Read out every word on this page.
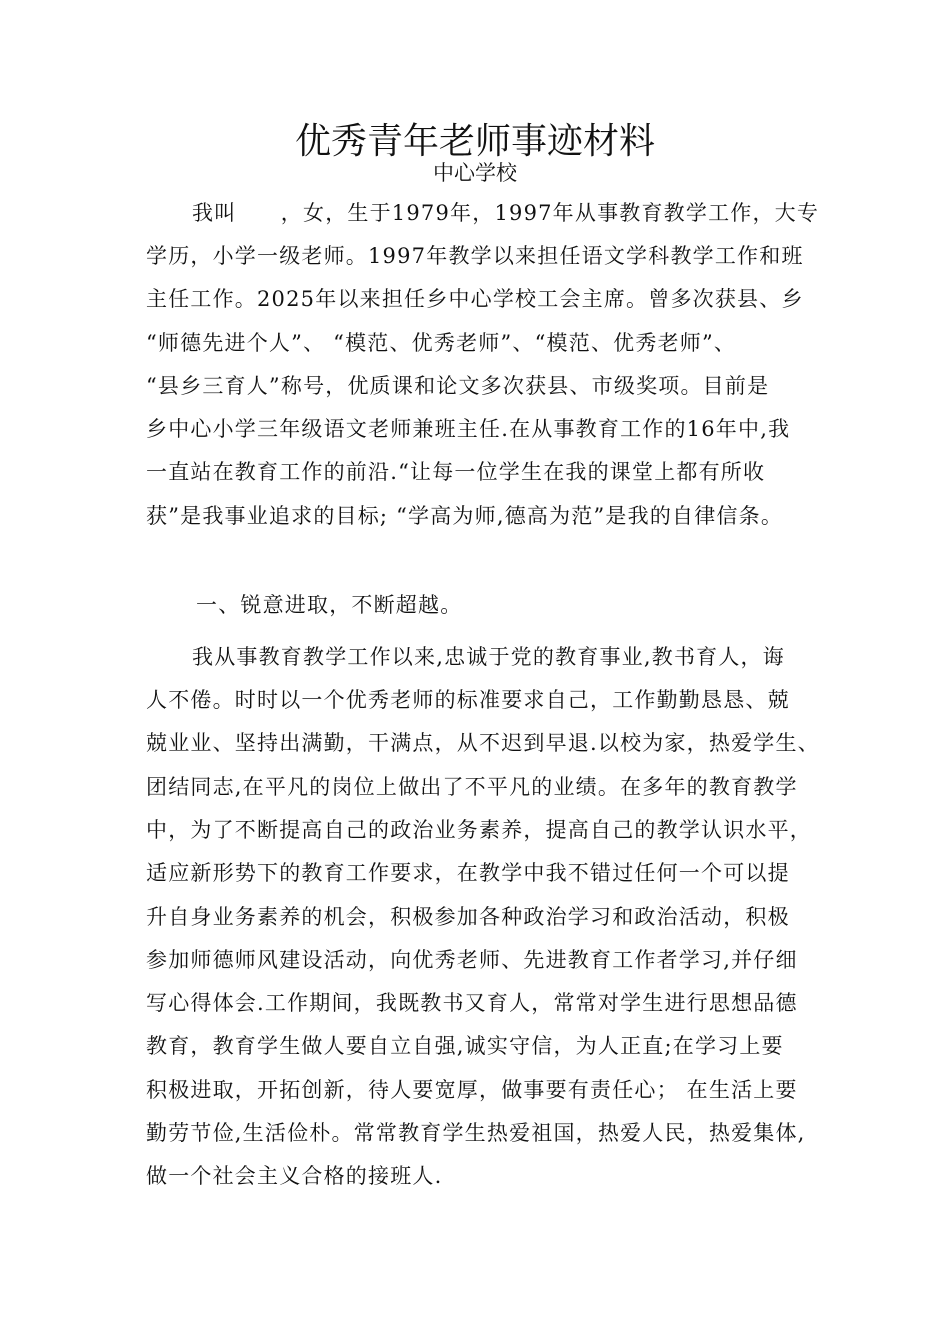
优秀青年老师事迹材料

中心学校

我叫　　，女，生于1979年，1997年从事教育教学工作，大专

学历，小学一级老师。1997年教学以来担任语文学科教学工作和班

主任工作。2025年以来担任乡中心学校工会主席。曾多次获县、乡

“师德先进个人”、 “模范、优秀老师”、“模范、优秀老师”、

“县乡三育人”称号，优质课和论文多次获县、市级奖项。目前是

乡中心小学三年级语文老师兼班主任.在从事教育工作的16年中,我

一直站在教育工作的前沿.“让每一位学生在我的课堂上都有所收

获”是我事业追求的目标; “学高为师,德高为范”是我的自律信条。

一、锐意进取，不断超越。

我从事教育教学工作以来,忠诚于党的教育事业,教书育人，诲

人不倦。时时以一个优秀老师的标准要求自己，工作勤勤恳恳、兢

兢业业、坚持出满勤，干满点，从不迟到早退.以校为家，热爱学生、

团结同志,在平凡的岗位上做出了不平凡的业绩。在多年的教育教学

中，为了不断提高自己的政治业务素养，提高自己的教学认识水平，

适应新形势下的教育工作要求，在教学中我不错过任何一个可以提

升自身业务素养的机会，积极参加各种政治学习和政治活动，积极

参加师德师风建设活动，向优秀老师、先进教育工作者学习,并仔细

写心得体会.工作期间，我既教书又育人，常常对学生进行思想品德

教育，教育学生做人要自立自强,诚实守信，为人正直;在学习上要

积极进取，开拓创新，待人要宽厚，做事要有责任心； 在生活上要

勤劳节俭,生活俭朴。常常教育学生热爱祖国，热爱人民，热爱集体,

做一个社会主义合格的接班人.
